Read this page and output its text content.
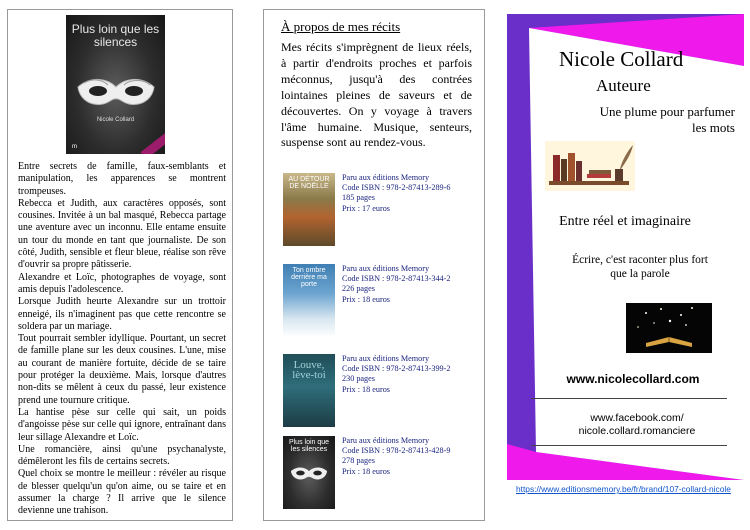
Plus loin que les silences
Nicole Collard
m

Entre secrets de famille, faux-semblants et manipulation, les apparences se montrent trompeuses.

Rebecca et Judith, aux caractères opposés, sont cousines. Invitée à un bal masqué, Rebecca partage une aventure avec un inconnu. Elle entame ensuite un tour du monde en tant que journaliste. De son côté, Judith, sensible et fleur bleue, réalise son rêve d'ouvrir sa propre pâtisserie.

Alexandre et Loïc, photographes de voyage, sont amis depuis l'adolescence.

Lorsque Judith heurte Alexandre sur un trottoir enneigé, ils n'imaginent pas que cette rencontre se soldera par un mariage.

Tout pourrait sembler idyllique. Pourtant, un secret de famille plane sur les deux cousines. L'une, mise au courant de manière fortuite, décide de se taire pour protéger la deuxième. Mais, lorsque d'autres non-dits se mêlent à ceux du passé, leur existence prend une tournure critique.

La hantise pèse sur celle qui sait, un poids d'angoisse pèse sur celle qui ignore, entraînant dans leur sillage Alexandre et Loïc.

Une romancière, ainsi qu'une psychanalyste, démêleront les fils de certains secrets.

Quel choix se montre le meilleur : révéler au risque de blesser quelqu'un qu'on aime, ou se taire et en assumer la charge ? Il arrive que le silence devienne une trahison.

À propos de mes récits
Mes récits s'imprègnent de lieux réels, à partir d'endroits proches et parfois méconnus, jusqu'à des contrées lointaines pleines de saveurs et de découvertes. On y voyage à travers l'âme humaine. Musique, senteurs, suspense sont au rendez-vous.
AU DÉTOUR DE NOËLLE
Paru aux éditions Memory
Code ISBN : 978-2-87413-289-6
185 pages
Prix : 17 euros
Ton ombre derrière ma porte
Paru aux éditions Memory
Code ISBN : 978-2-87413-344-2
226 pages
Prix : 18 euros
Louve, lève-toi
Paru aux éditions Memory
Code ISBN : 978-2-87413-399-2
230 pages
Prix : 18 euros
Plus loin que les silences
Paru aux éditions Memory
Code ISBN : 978-2-87413-428-9
278 pages
Prix : 18 euros
Nicole Collard
Auteure
Une plume pour parfumer les mots
Entre réel et imaginaire
Écrire, c'est raconter plus fort que la parole
www.nicolecollard.com
www.facebook.com/ nicole.collard.romanciere
https://www.editionsmemory.be/fr/brand/107-collard-nicole
